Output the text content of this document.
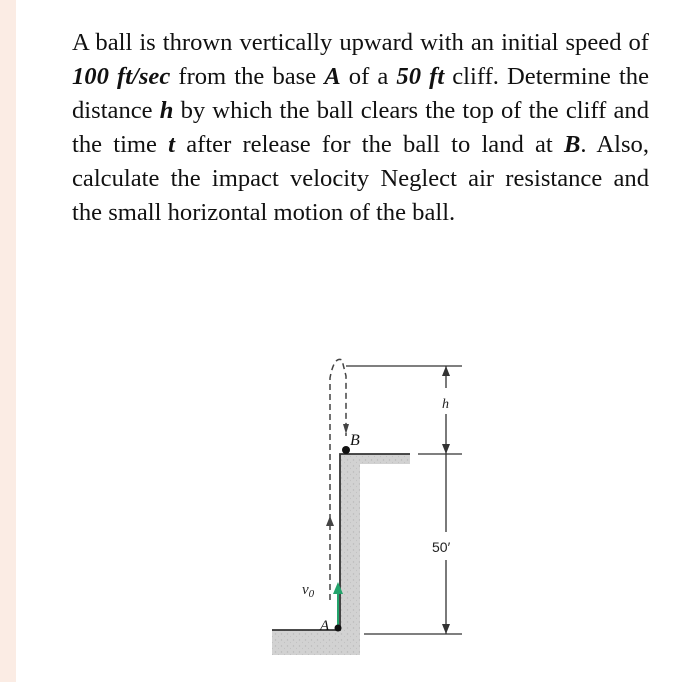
A ball is thrown vertically upward with an initial speed of 100 ft/sec from the base A of a 50 ft cliff. Determine the distance h by which the ball clears the top of the cliff and the time t after release for the ball to land at B. Also, calculate the impact velocity Neglect air resistance and the small horizontal motion of the ball.

h
50′
B
A
$v_0$
